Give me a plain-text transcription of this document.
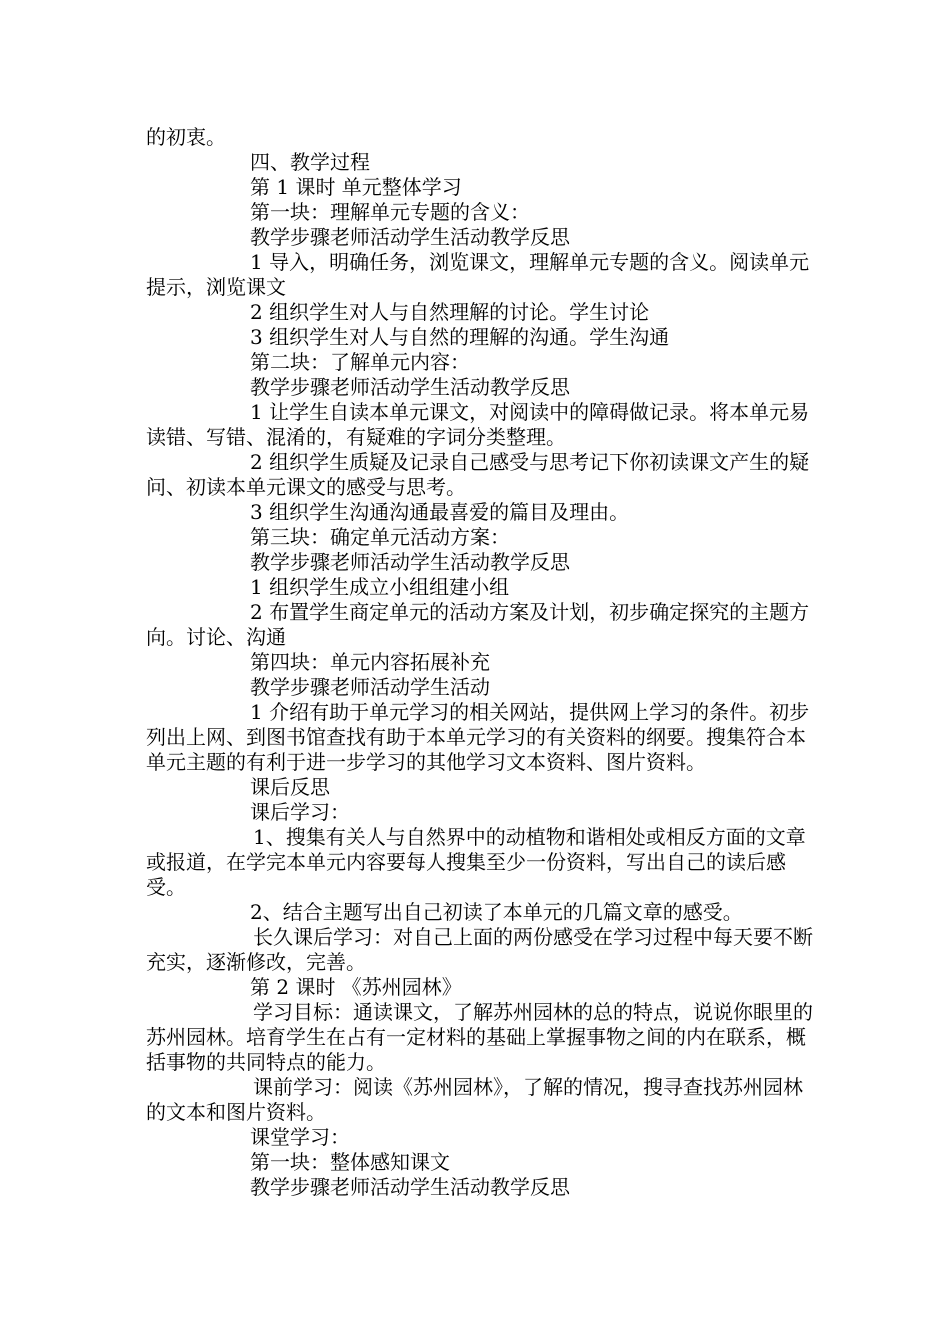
的初衷。

四、教学过程

第 1 课时 单元整体学习

第一块：理解单元专题的含义：

教学步骤老师活动学生活动教学反思

1 导入，明确任务，浏览课文，理解单元专题的含义。阅读单元提示，浏览课文

2 组织学生对人与自然理解的讨论。学生讨论

3 组织学生对人与自然的理解的沟通。学生沟通

第二块：了解单元内容：

教学步骤老师活动学生活动教学反思

1 让学生自读本单元课文，对阅读中的障碍做记录。将本单元易读错、写错、混淆的，有疑难的字词分类整理。

2 组织学生质疑及记录自己感受与思考记下你初读课文产生的疑问、初读本单元课文的感受与思考。

3 组织学生沟通沟通最喜爱的篇目及理由。

第三块：确定单元活动方案：

教学步骤老师活动学生活动教学反思

1 组织学生成立小组组建小组

2 布置学生商定单元的活动方案及计划，初步确定探究的主题方向。讨论、沟通

第四块：单元内容拓展补充

教学步骤老师活动学生活动

1 介绍有助于单元学习的相关网站，提供网上学习的条件。初步列出上网、到图书馆查找有助于本单元学习的有关资料的纲要。搜集符合本单元主题的有利于进一步学习的其他学习文本资料、图片资料。

课后反思

课后学习：

1、搜集有关人与自然界中的动植物和谐相处或相反方面的文章或报道，在学完本单元内容要每人搜集至少一份资料，写出自己的读后感受。

2、结合主题写出自己初读了本单元的几篇文章的感受。

长久课后学习：对自己上面的两份感受在学习过程中每天要不断充实，逐渐修改，完善。

第 2 课时 《苏州园林》

学习目标：通读课文，了解苏州园林的总的特点，说说你眼里的苏州园林。培育学生在占有一定材料的基础上掌握事物之间的内在联系，概括事物的共同特点的能力。

课前学习：阅读《苏州园林》，了解的情况，搜寻查找苏州园林的文本和图片资料。

课堂学习：

第一块：整体感知课文

教学步骤老师活动学生活动教学反思
